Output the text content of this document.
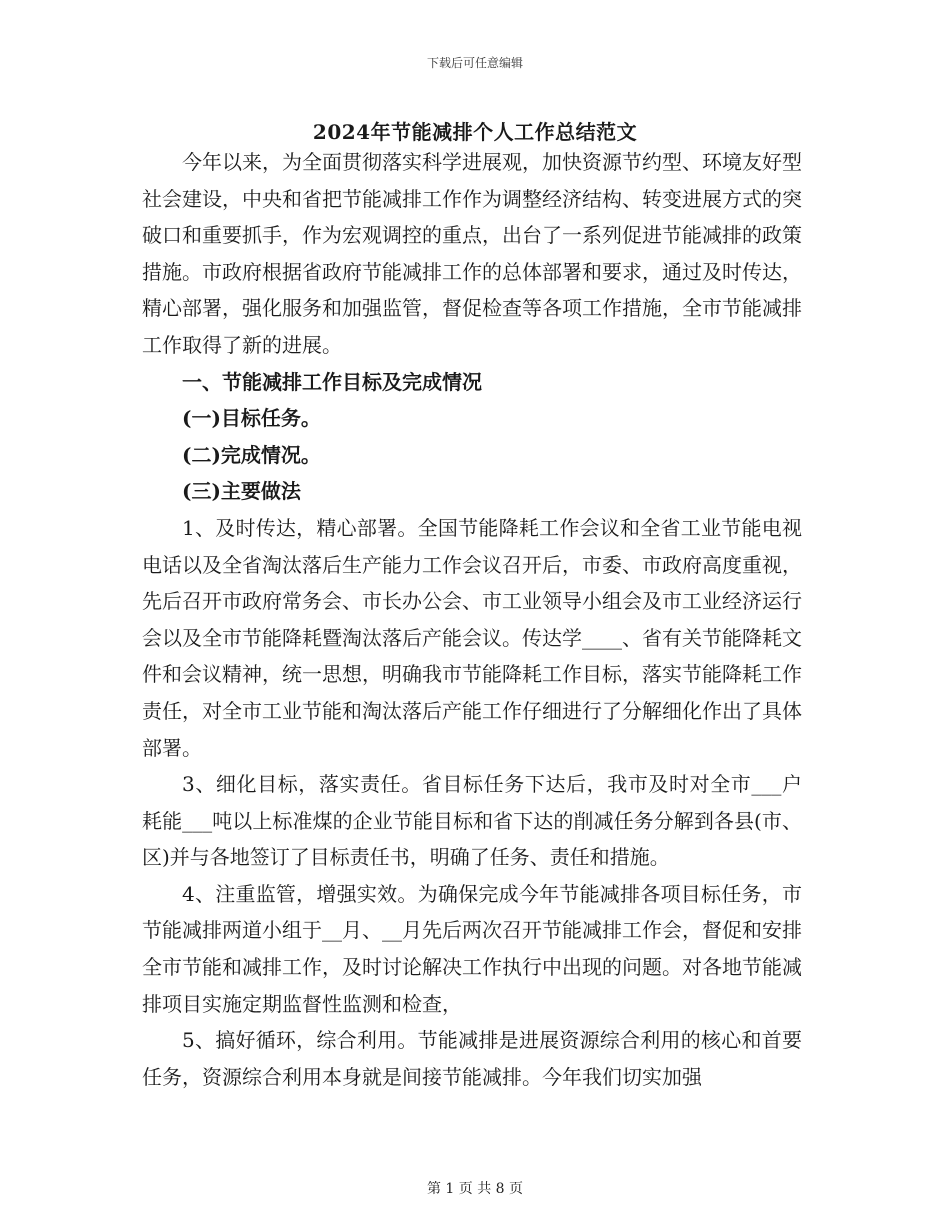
下载后可任意编辑
2024年节能减排个人工作总结范文

今年以来，为全面贯彻落实科学进展观，加快资源节约型、环境友好型社会建设，中央和省把节能减排工作作为调整经济结构、转变进展方式的突破口和重要抓手，作为宏观调控的重点，出台了一系列促进节能减排的政策措施。市政府根据省政府节能减排工作的总体部署和要求，通过及时传达，精心部署，强化服务和加强监管，督促检查等各项工作措施，全市节能减排工作取得了新的进展。

一、节能减排工作目标及完成情况

(一)目标任务。

(二)完成情况。

(三)主要做法

1、及时传达，精心部署。全国节能降耗工作会议和全省工业节能电视电话以及全省淘汰落后生产能力工作会议召开后，市委、市政府高度重视，先后召开市政府常务会、市长办公会、市工业领导小组会及市工业经济运行会以及全市节能降耗暨淘汰落后产能会议。传达学____、省有关节能降耗文件和会议精神，统一思想，明确我市节能降耗工作目标，落实节能降耗工作责任，对全市工业节能和淘汰落后产能工作仔细进行了分解细化作出了具体部署。

3、细化目标，落实责任。省目标任务下达后，我市及时对全市___户耗能___吨以上标准煤的企业节能目标和省下达的削减任务分解到各县(市、区)并与各地签订了目标责任书，明确了任务、责任和措施。

4、注重监管，增强实效。为确保完成今年节能减排各项目标任务，市节能减排两道小组于__月、__月先后两次召开节能减排工作会，督促和安排全市节能和减排工作，及时讨论解决工作执行中出现的问题。对各地节能减排项目实施定期监督性监测和检查，

5、搞好循环，综合利用。节能减排是进展资源综合利用的核心和首要任务，资源综合利用本身就是间接节能减排。今年我们切实加强

第 1 页 共 8 页
